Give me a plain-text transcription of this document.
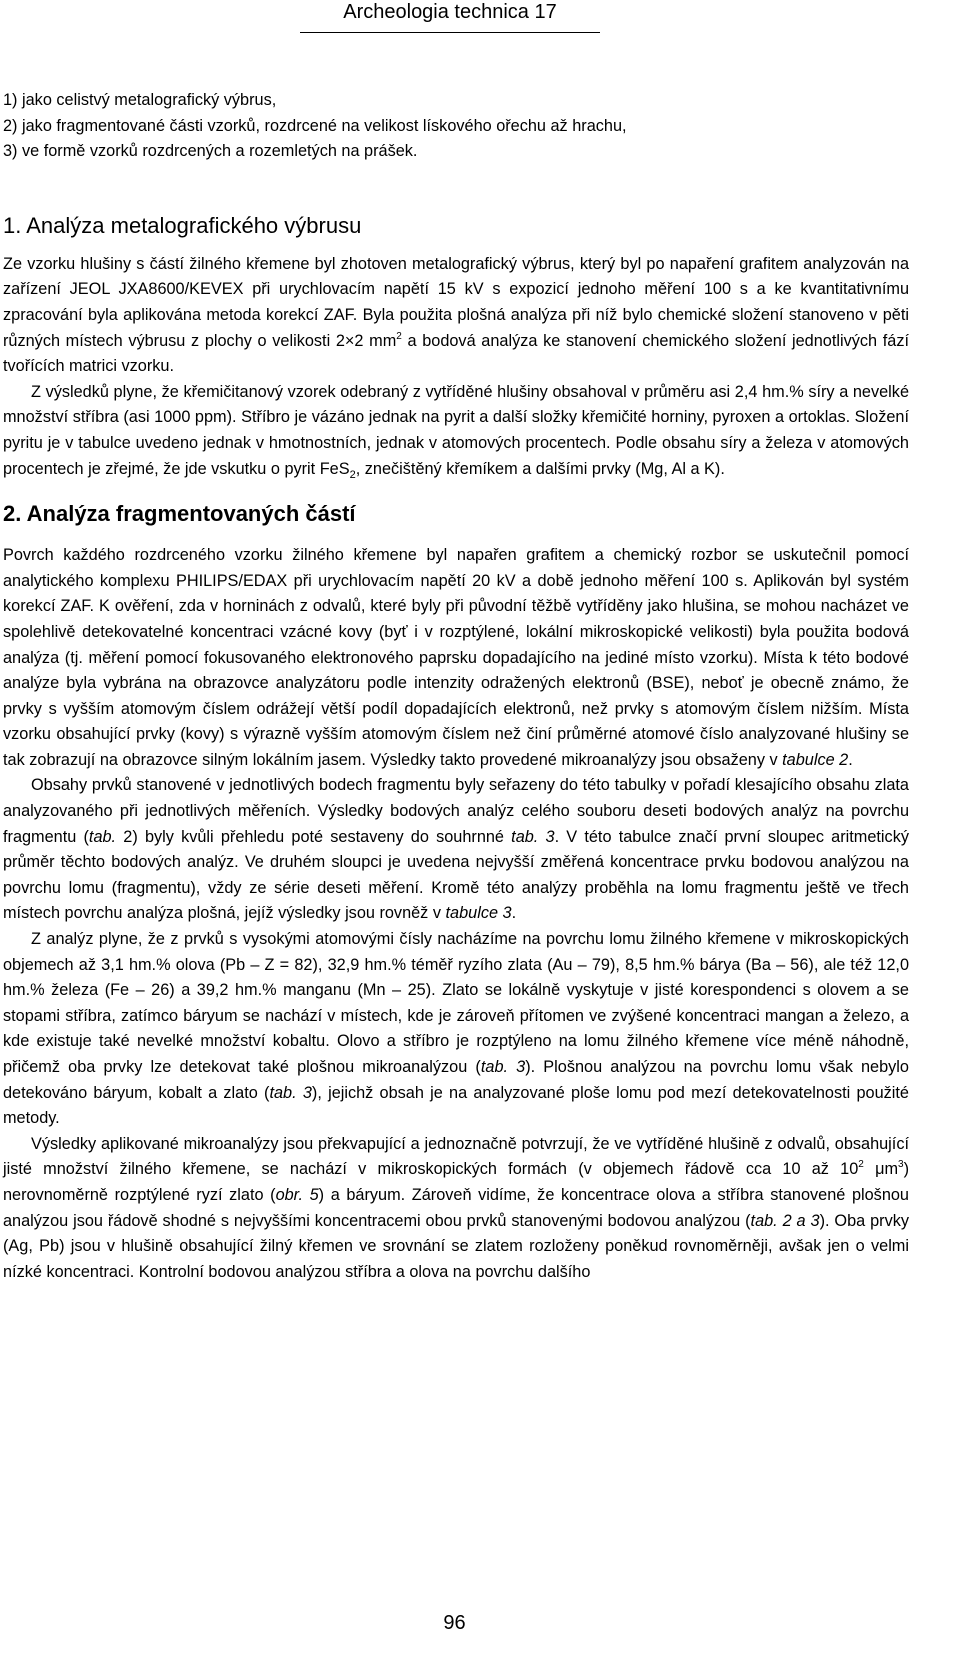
Archeologia technica 17

1) jako celistvý metalografický výbrus,

2) jako fragmentované části vzorků, rozdrcené na velikost lískového ořechu až hrachu,

3) ve formě vzorků rozdrcených a rozemletých na prášek.

1. Analýza metalografického výbrusu

Ze vzorku hlušiny s částí žilného křemene byl zhotoven metalografický výbrus, který byl po napaření grafitem analyzován na zařízení JEOL JXA8600/KEVEX při urychlovacím napětí 15 kV s expozicí jednoho měření 100 s a ke kvantitativnímu zpracování byla aplikována metoda korekcí ZAF. Byla použita plošná analýza při níž bylo chemické složení stanoveno v pěti různých místech výbrusu z plochy o velikosti 2×2 $mm^2$ a bodová analýza ke stanovení chemického složení jednotlivých fází tvořících matrici vzorku.

Z výsledků plyne, že křemičitanový vzorek odebraný z vytříděné hlušiny obsahoval v průměru asi 2,4 hm.% síry a nevelké množství stříbra (asi 1000 ppm). Stříbro je vázáno jednak na pyrit a další složky křemičité horniny, pyroxen a ortoklas. Složení pyritu je v tabulce uvedeno jednak v hmotnostních, jednak v atomových procentech. Podle obsahu síry a železa v atomových procentech je zřejmé, že jde vskutku o pyrit FeS$_2$, znečištěný křemíkem a dalšími prvky (Mg, Al a K).

2. Analýza fragmentovaných částí

Povrch každého rozdrceného vzorku žilného křemene byl napařen grafitem a chemický rozbor se uskutečnil pomocí analytického komplexu PHILIPS/EDAX při urychlovacím napětí 20 kV a době jednoho měření 100 s. Aplikován byl systém korekcí ZAF. K ověření, zda v horninách z odvalů, které byly při původní těžbě vytříděny jako hlušina, se mohou nacházet ve spolehlivě detekovatelné koncentraci vzácné kovy (byť i v rozptýlené, lokální mikroskopické velikosti) byla použita bodová analýza (tj. měření pomocí fokusovaného elektronového paprsku dopadajícího na jediné místo vzorku). Místa k této bodové analýze byla vybrána na obrazovce analyzátoru podle intenzity odražených elektronů (BSE), neboť je obecně známo, že prvky s vyšším atomovým číslem odrážejí větší podíl dopadajících elektronů, než prvky s atomovým číslem nižším. Místa vzorku obsahující prvky (kovy) s výrazně vyšším atomovým číslem než činí průměrné atomové číslo analyzované hlušiny se tak zobrazují na obrazovce silným lokálním jasem. Výsledky takto provedené mikroanalýzy jsou obsaženy v tabulce 2.

Obsahy prvků stanovené v jednotlivých bodech fragmentu byly seřazeny do této tabulky v pořadí klesajícího obsahu zlata analyzovaného při jednotlivých měřeních. Výsledky bodových analýz celého souboru deseti bodových analýz na povrchu fragmentu (tab. 2) byly kvůli přehledu poté sestaveny do souhrnné tab. 3. V této tabulce značí první sloupec aritmetický průměr těchto bodových analýz. Ve druhém sloupci je uvedena nejvyšší změřená koncentrace prvku bodovou analýzou na povrchu lomu (fragmentu), vždy ze série deseti měření. Kromě této analýzy proběhla na lomu fragmentu ještě ve třech místech povrchu analýza plošná, jejíž výsledky jsou rovněž v tabulce 3.

Z analýz plyne, že z prvků s vysokými atomovými čísly nacházíme na povrchu lomu žilného křemene v mikroskopických objemech až 3,1 hm.% olova (Pb – Z = 82), 32,9 hm.% téměř ryzího zlata (Au – 79), 8,5 hm.% bárya (Ba – 56), ale též 12,0 hm.% železa (Fe – 26) a 39,2 hm.% manganu (Mn – 25). Zlato se lokálně vyskytuje v jisté korespondenci s olovem a se stopami stříbra, zatímco báryum se nachází v místech, kde je zároveň přítomen ve zvýšené koncentraci mangan a železo, a kde existuje také nevelké množství kobaltu. Olovo a stříbro je rozptýleno na lomu žilného křemene více méně náhodně, přičemž oba prvky lze detekovat také plošnou mikroanalýzou (tab. 3). Plošnou analýzou na povrchu lomu však nebylo detekováno báryum, kobalt a zlato (tab. 3), jejichž obsah je na analyzované ploše lomu pod mezí detekovatelnosti použité metody.

Výsledky aplikované mikroanalýzy jsou překvapující a jednoznačně potvrzují, že ve vytříděné hlušině z odvalů, obsahující jisté množství žilného křemene, se nachází v mikroskopických formách (v objemech řádově cca 10 až $10^2$ $\mu m^3$) nerovnoměrně rozptýlené ryzí zlato (obr. 5) a báryum. Zároveň vidíme, že koncentrace olova a stříbra stanovené plošnou analýzou jsou řádově shodné s nejvyššími koncentracemi obou prvků stanovenými bodovou analýzou (tab. 2 a 3). Oba prvky (Ag, Pb) jsou v hlušině obsahující žilný křemen ve srovnání se zlatem rozloženy poněkud rovnoměrněji, avšak jen o velmi nízké koncentraci. Kontrolní bodovou analýzou stříbra a olova na povrchu dalšího

96
